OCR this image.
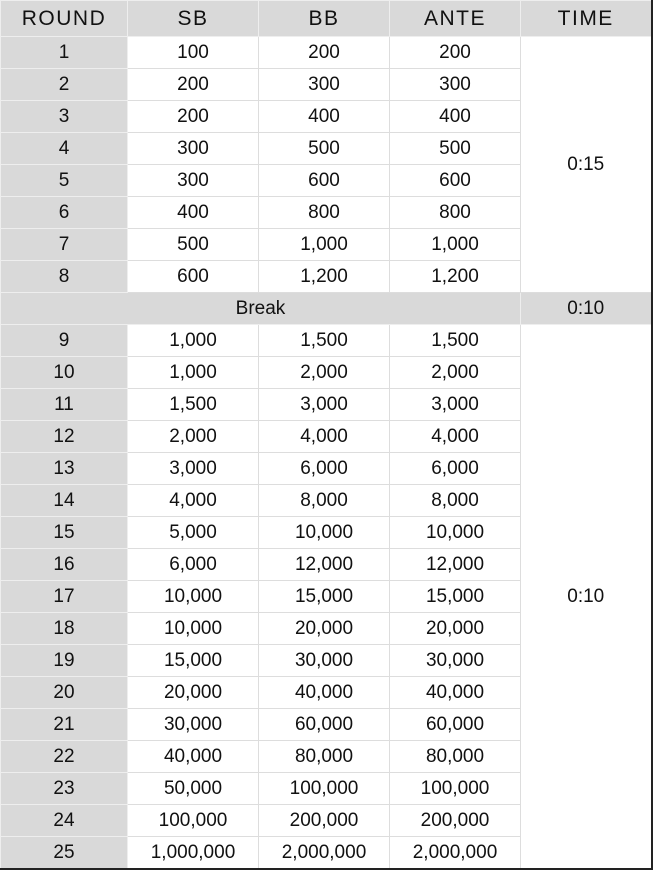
ROUND	SB	BB	ANTE	TIME
1	100	200	200	0:15
2	200	300	300	
3	200	400	400	
4	300	500	500	
5	300	600	600	
6	400	800	800	
7	500	1,000	1,000	
8	600	1,200	1,200	
Break				0:10
9	1,000	1,500	1,500	0:10
10	1,000	2,000	2,000	
11	1,500	3,000	3,000	
12	2,000	4,000	4,000	
13	3,000	6,000	6,000	
14	4,000	8,000	8,000	
15	5,000	10,000	10,000	
16	6,000	12,000	12,000	
17	10,000	15,000	15,000	
18	10,000	20,000	20,000	
19	15,000	30,000	30,000	
20	20,000	40,000	40,000	
21	30,000	60,000	60,000	
22	40,000	80,000	80,000	
23	50,000	100,000	100,000	
24	100,000	200,000	200,000	
25	1,000,000	2,000,000	2,000,000	
